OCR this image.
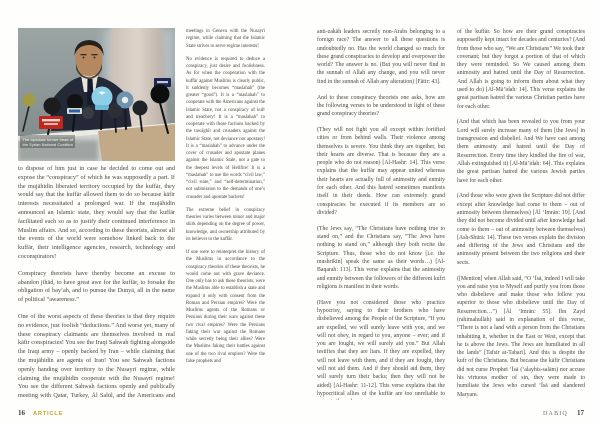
The apostate former head of
the Syrian National Coalition

to dispose of him just in case he decided to come out and expose the “conspiracy” of which he was supposedly a part. If the mujāhidīn liberated territory occupied by the kuffār, they would say that the kuffār allowed them to do so because kāfir interests necessitated a prolonged war. If the mujāhidīn announced an Islamic state, they would say that the kuffār facilitated such so as to justify their continued interference in Muslim affairs. And so, according to these theorists, almost all the events of the world were somehow linked back to the kuffār, their intelligence agencies, research, technology and coconspirators!

Conspiracy theorists have thereby become an excuse to abandon jihād, to have great awe for the kuffār, to forsake the obligation of bay’ah, and to pursue the Dunyā, all in the name of political “awareness.”

One of the worst aspects of these theories is that they require no evidence, just foolish “deductions.” And worse yet, many of these conspiracy claimants are themselves involved in real kāfir conspiracies! You see the Iraqi Sahwah fighting alongside the Iraqi army – openly backed by Iran – while claiming that the mujāhidīn are agents of Iran! You see Sahwah factions openly handing over territory to the Nusayrī regime, while claiming the mujāhidīn cooperate with the Nusayrī regime! You see the different Sahwah factions openly and publically meeting with Qatar, Turkey, Āl Salūl, and the Americans and

meetings in Geneva with the Nusayrī regime, while claiming that the Islamic State strives to serve regime interests!

No evidence is required to deduce a conspiracy, just desire and foolishness. As for when the cooperation with the kuffār against Muslims is clearly public, it suddenly becomes “maslahah” (the greater “good”). It is a “maslahah” to cooperate with the Americans against the Islamic State, not a conspiracy of kufr and treachery! It is a “maslahah” to cooperate with those factions backed by the tawāghīt and crusaders against the Islamic State, not deviance nor apostasy! It is a “maslahah” to advance under the cover of crusader and apostate planes against the Islamic State, not a gate to the deepest levels of Hellfire! It is a “maslahah” to use the words “civil law,” “civil state,” and “self-determination,” not submission to the demands of one’s crusader and apostate backers!

The extreme belief in conspiracy theories varies between minor and major shirk depending on the degree of power, knowledge, and ownership attributed by its believer to the kuffār.

If one were to reinterpret the history of the Muslims in accordance to the conspiracy theories of these theorists, he would come out with grave deviance. One only has to ask these theorists, were the Muslims able to establish a state and expand it only with consent from the Roman and Persian empires? Were the Muslims agents of the Romans or Persians during their wars against these two rival empires? Were the Persians faking their war against the Romans while secretly being their allies? Were the Muslims faking their battles against one of the two rival empires? Were the false prophets and

anti-zakāh leaders secretly non-Arabs belonging to a foreign race? The answer to all these questions is undoubtedly no. Has the world changed so much for these grand conspiracies to develop and overpower the world? The answer is no. (But you will never find in the sunnah of Allah any change, and you will never find in the sunnah of Allah any alteration) [Fātir: 43].

And to these conspiracy theorists one asks, how are the following verses to be understood in light of these grand conspiracy theories?

(They will not fight you all except within fortified cities or from behind walls. Their violence among themselves is severe. You think they are together, but their hearts are diverse. That is because they are a people who do not reason) [Al-Hashr: 14]. This verse explains that the kuffār may appear united whereas their hearts are actually full of animosity and enmity for each other. And this hatred sometimes manifests itself in their deeds. How can extremely grand conspiracies be executed if its members are so divided?

(The Jews say, “The Christians have nothing true to stand on,” and the Christians say, “The Jews have nothing to stand on,” although they both recite the Scripture. Thus, those who do not know [i.e. the mushrikīn] speak the same as their words…) [Al-Baqarah: 113]. This verse explains that the animosity and enmity between the followers of the different kufrī religions is manifest in their words.

(Have you not considered those who practice hypocrisy, saying to their brothers who have disbelieved among the People of the Scripture, “If you are expelled, we will surely leave with you, and we will not obey, in regard to you, anyone – ever; and if you are fought, we will surely aid you.” But Allah testifies that they are liars. If they are expelled, they will not leave with them, and if they are fought, they will not aid them. And if they should aid them, they will surely turn their backs; then they will not be aided) [Al-Hashr: 11-12]. This verse explains that the hypocritical allies of the kuffār are too unreliable to

of the kuffār. So how are their grand conspiracies supposedly kept intact for decades and centuries? (And from those who say, “We are Christians” We took their covenant; but they forgot a portion of that of which they were reminded. So We caused among them animosity and hatred until the Day of Resurrection. And Allah is going to inform them about what they used to do) [Al-Mā’idah: 14]. This verse explains the great partisan hatred the various Christian parties have for each other.

(And that which has been revealed to you from your Lord will surely increase many of them [the Jews] in transgression and disbelief. And We have cast among them animosity and hatred until the Day of Resurrection. Every time they kindled the fire of war, Allah extinguished it) [Al-Mā’idah: 64]. This explains the great partisan hatred the various Jewish parties have for each other.

(And those who were given the Scripture did not differ except after knowledge had come to them – out of animosity between themselves) [Āl ‘Imrān: 19]. [And they did not become divided until after knowledge had come to them – out of animosity between themselves) [Ash-Shūrā: 14]. These two verses explain the division and differing of the Jews and Christians and the animosity present between the two religions and their sects.

([Mention] when Allah said, “O ‘Īsā, indeed I will take you and raise you to Myself and purify you from those who disbelieve and make those who follow you superior to those who disbelieve until the Day of Resurrection…”) [Āl ‘Imrān: 55]. Ibn Zayd (rahimahullāh) said in explanation of this verse, “There is not a land with a person from the Christians inhabiting it, whether in the East or West, except that he is above the Jews. The Jews are humiliated in all the lands” [Tafsīr at-Tabarī]. And this is despite the kufr of the Christians. But because the kāfir Christians did not curse Prophet ‘Īsā (‘alayhis-salām) nor accuse his virtuous mother of sin, they were made to humiliate the Jews who cursed ‘Īsā and slandered Maryam.

16 ARTICLE	DABIQ 17
